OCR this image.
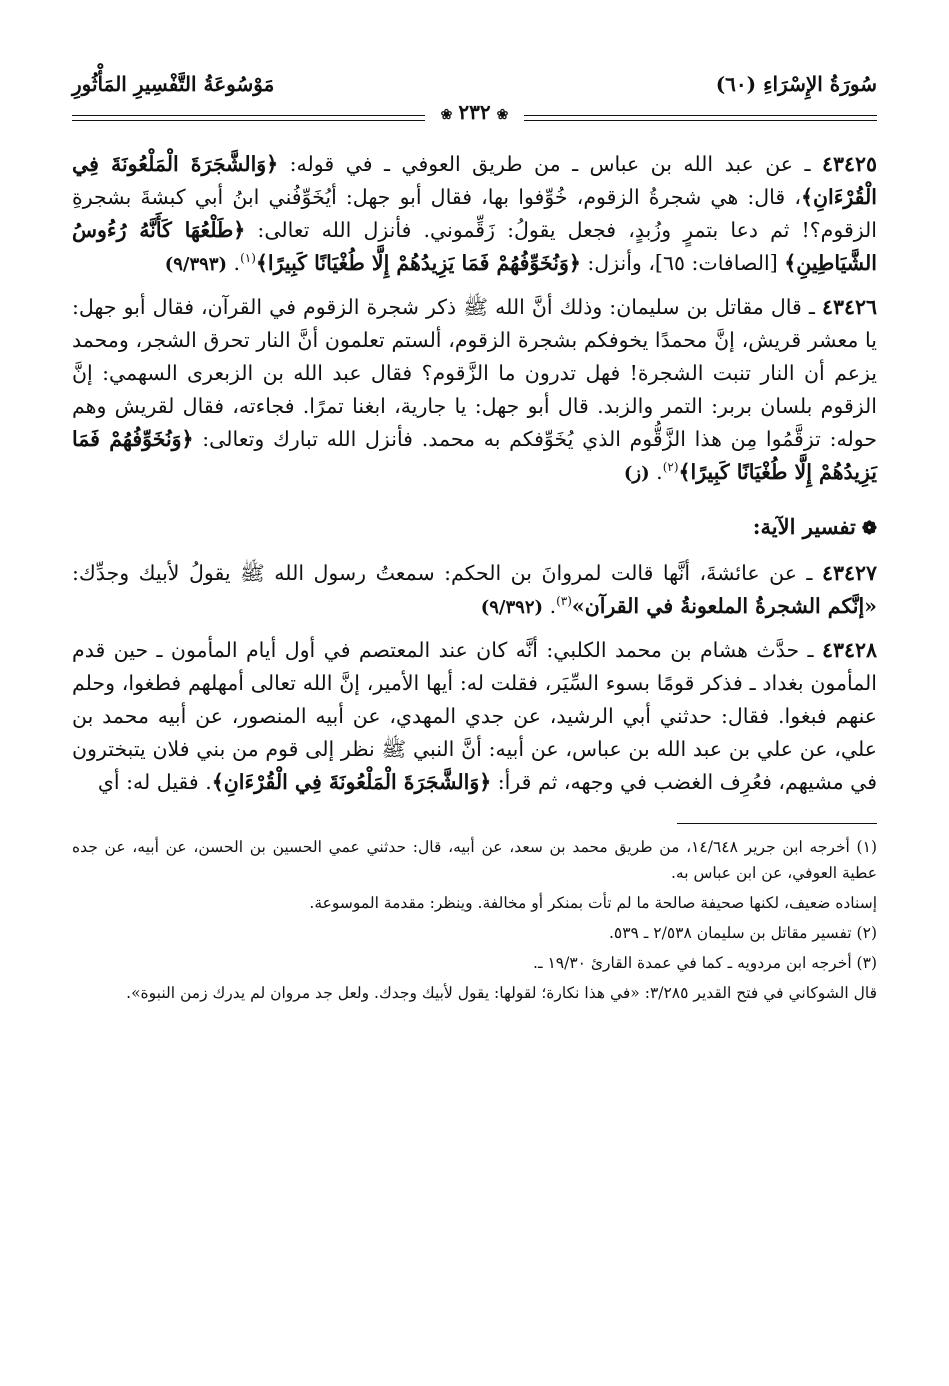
سُورَةُ الإِسْرَاءِ (٦٠)
مَوْسُوعَةُ التَّفْسِيرِ المَأْثُورِ
❀ ٢٣٢ ❀

٤٣٤٢٥ ـ عن عبد الله بن عباس ـ من طريق العوفي ـ في قوله: ﴿وَالشَّجَرَةَ الْمَلْعُونَةَ فِي الْقُرْءَانِ﴾، قال: هي شجرةُ الزقوم، خُوِّفوا بها، فقال أبو جهل: أيُخَوِّفُني ابنُ أبي كبشةَ بشجرةِ الزقوم؟! ثم دعا بتمرٍ وزُبدٍ، فجعل يقولُ: زَقِّموني. فأنزل الله تعالى: ﴿طَلْعُهَا كَأَنَّهُ رُءُوسُ الشَّيَاطِينِ﴾ [الصافات: ٦٥]، وأنزل: ﴿وَنُخَوِّفُهُمْ فَمَا يَزِيدُهُمْ إِلَّا طُغْيَانًا كَبِيرًا﴾$^{(١)}$. (٩/٣٩٣)

٤٣٤٢٦ ـ قال مقاتل بن سليمان: وذلك أنَّ الله ﷺ ذكر شجرة الزقوم في القرآن، فقال أبو جهل: يا معشر قريش، إنَّ محمدًا يخوفكم بشجرة الزقوم، ألستم تعلمون أنَّ النار تحرق الشجر، ومحمد يزعم أن النار تنبت الشجرة! فهل تدرون ما الزَّقوم؟ فقال عبد الله بن الزبعرى السهمي: إنَّ الزقوم بلسان بربر: التمر والزبد. قال أبو جهل: يا جارية، ابغنا تمرًا. فجاءته، فقال لقريش وهم حوله: تزقَّمُوا مِن هذا الزَّقُّوم الذي يُخَوِّفكم به محمد. فأنزل الله تبارك وتعالى: ﴿وَنُخَوِّفُهُمْ فَمَا يَزِيدُهُمْ إِلَّا طُغْيَانًا كَبِيرًا﴾$^{(٢)}$. (ز)

❁تفسير الآية:

٤٣٤٢٧ ـ عن عائشةَ، أنَّها قالت لمروانَ بن الحكم: سمعتُ رسول الله ﷺ يقولُ لأبيك وجدِّك: «إنَّكم الشجرةُ الملعونةُ في القرآن»$^{(٣)}$. (٩/٣٩٢)

٤٣٤٢٨ ـ حدَّث هشام بن محمد الكلبي: أنَّه كان عند المعتصم في أول أيام المأمون ـ حين قدم المأمون بغداد ـ فذكر قومًا بسوء السِّيَر، فقلت له: أيها الأمير، إنَّ الله تعالى أمهلهم فطغوا، وحلم عنهم فبغوا. فقال: حدثني أبي الرشيد، عن جدي المهدي، عن أبيه المنصور، عن أبيه محمد بن علي، عن علي بن عبد الله بن عباس، عن أبيه: أنَّ النبي ﷺ نظر إلى قوم من بني فلان يتبخترون في مشيهم، فعُرِف الغضب في وجهه، ثم قرأ: ﴿وَالشَّجَرَةَ الْمَلْعُونَةَ فِي الْقُرْءَانِ﴾. فقيل له: أي

(١) أخرجه ابن جرير ١٤/٦٤٨، من طريق محمد بن سعد، عن أبيه، قال: حدثني عمي الحسين بن الحسن، عن أبيه، عن جده عطية العوفي، عن ابن عباس به.

إسناده ضعيف، لكنها صحيفة صالحة ما لم تأت بمنكر أو مخالفة. وينظر: مقدمة الموسوعة.

(٢) تفسير مقاتل بن سليمان ٢/٥٣٨ ـ ٥٣٩.

(٣) أخرجه ابن مردويه ـ كما في عمدة القارئ ١٩/٣٠ ـ.

قال الشوكاني في فتح القدير ٣/٢٨٥: «في هذا نكارة؛ لقولها: يقول لأبيك وجدك. ولعل جد مروان لم يدرك زمن النبوة».
